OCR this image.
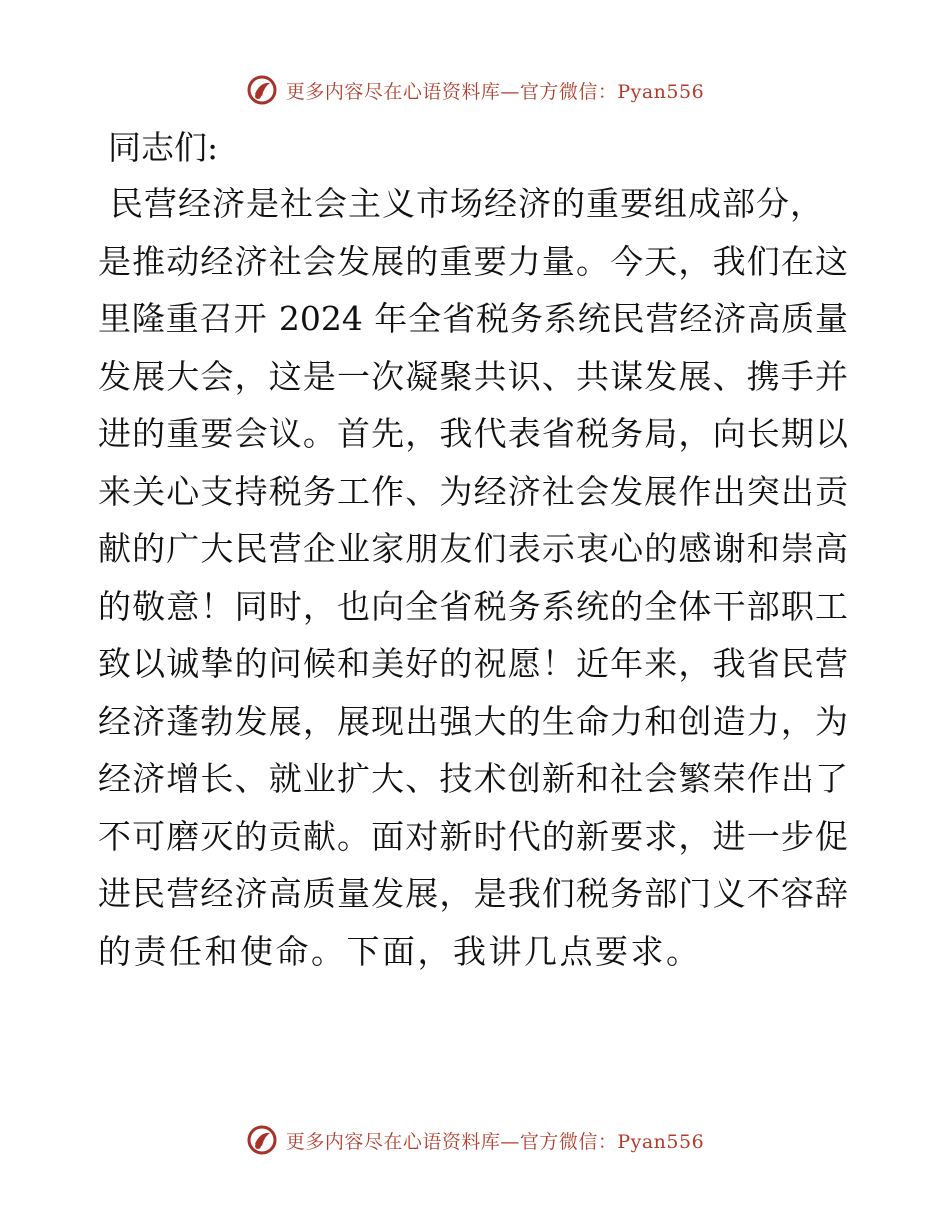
更多内容尽在心语资料库—官方微信：Pyan556

同志们:

民营经济是社会主义市场经济的重要组成部分，
是推动经济社会发展的重要力量。今天，我们在这
里隆重召开 2024 年全省税务系统民营经济高质量
发展大会，这是一次凝聚共识、共谋发展、携手并
进的重要会议。首先，我代表省税务局，向长期以
来关心支持税务工作、为经济社会发展作出突出贡
献的广大民营企业家朋友们表示衷心的感谢和崇高
的敬意！同时，也向全省税务系统的全体干部职工
致以诚挚的问候和美好的祝愿！近年来，我省民营
经济蓬勃发展，展现出强大的生命力和创造力，为
经济增长、就业扩大、技术创新和社会繁荣作出了
不可磨灭的贡献。面对新时代的新要求，进一步促
进民营经济高质量发展，是我们税务部门义不容辞
的责任和使命。下面，我讲几点要求。
更多内容尽在心语资料库—官方微信：Pyan556
